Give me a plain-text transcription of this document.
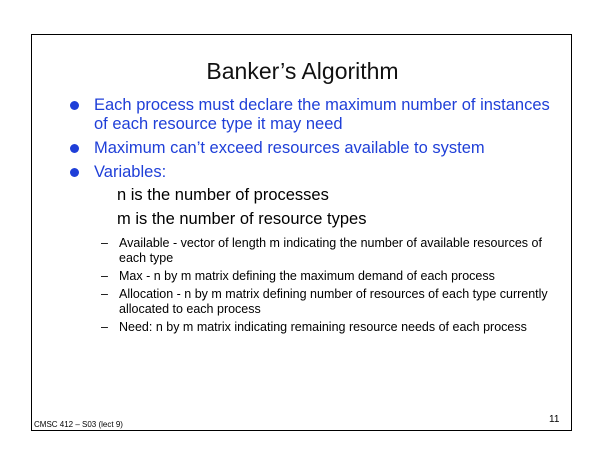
Banker’s Algorithm
Each process must declare the maximum number of instances of each resource type it may need
Maximum can’t exceed resources available to system
Variables:
n is the number of processes
m is the number of resource types
– Available - vector of length m indicating the number of available resources of each type
– Max - n by m matrix defining the maximum demand of each process
– Allocation - n by m matrix defining number of resources of each type currently allocated to each process
– Need: n by m matrix indicating remaining resource needs of each process
CMSC 412 – S03 (lect 9)	11
